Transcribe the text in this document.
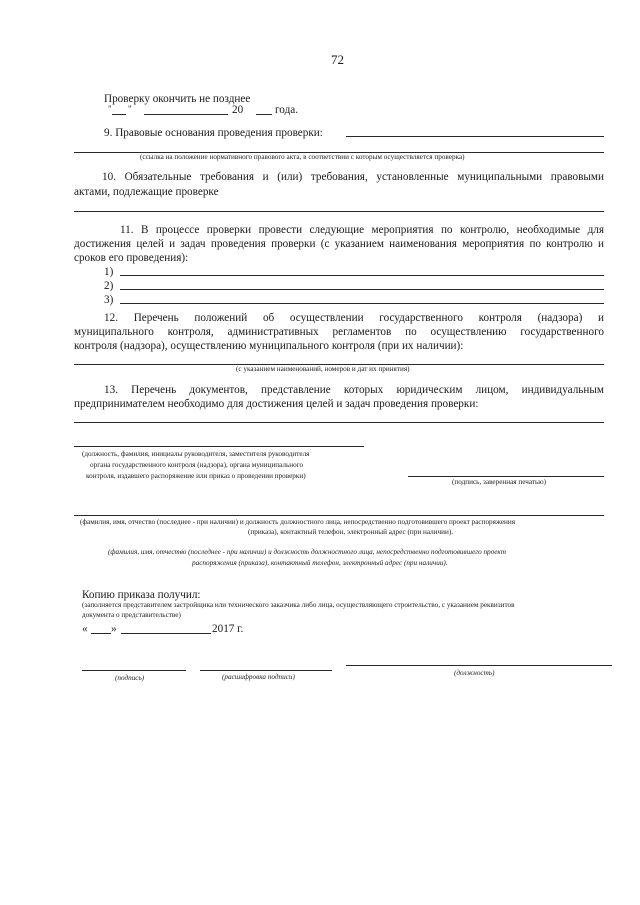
72
Проверку окончить не позднее
" "	20	года.
9. Правовые основания проведения проверки:
(ссылка на положение нормативного правового акта, в соответствии с которым осуществляется проверка)
10. Обязательные требования и (или) требования, установленные муниципальными правовыми
актами, подлежащие проверке
11. В процессе проверки провести следующие мероприятия по контролю, необходимые для
достижения целей и задач проведения проверки (с указанием наименования мероприятия по контролю и
сроков его проведения):
1)
2)
3)
12. Перечень положений об осуществлении государственного контроля (надзора) и
муниципального контроля, административных регламентов по осуществлению государственного
контроля (надзора), осуществлению муниципального контроля (при их наличии):
(с указанием наименований, номеров и дат их принятия)
13. Перечень документов, представление которых юридическим лицом, индивидуальным
предпринимателем необходимо для достижения целей и задач проведения проверки:
(должность, фамилия, инициалы руководителя, заместителя руководителя
органа государственного контроля (надзора), органа муниципального
контроля, издавшего распоряжение или приказ о проведении проверки)
(подпись, заверенная печатью)
(фамилия, имя, отчество (последнее - при наличии) и должность должностного лица, непосредственно подготовившего проект распоряжения
(приказа), контактный телефон, электронный адрес (при наличии).
(фамилия, имя, отчество (последнее - при наличии) и должность должностного лица, непосредственно подготовившего проект
распоряжения (приказа), контактный телефон, электронный адрес (при наличии).
Копию приказа получил:
(заполняется представителем застройщика или технического заказчика либо лица, осуществляющего строительство, с указанием реквизитов
документа о представительстве)
« »	2017 г.
(подпись)	(расшифровка подписи)	(должность)
